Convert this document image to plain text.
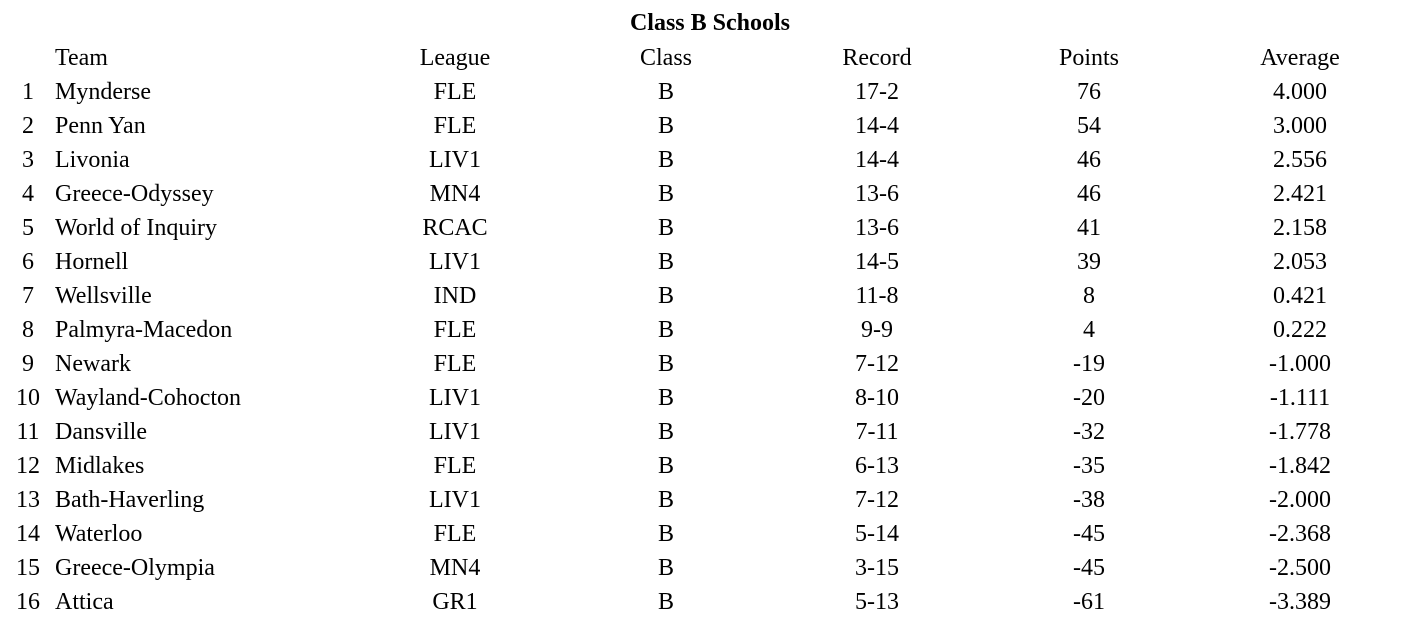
Class B Schools
	Team	League	Class	Record	Points	Average
1	Mynderse	FLE	B	17-2	76	4.000
2	Penn Yan	FLE	B	14-4	54	3.000
3	Livonia	LIV1	B	14-4	46	2.556
4	Greece-Odyssey	MN4	B	13-6	46	2.421
5	World of Inquiry	RCAC	B	13-6	41	2.158
6	Hornell	LIV1	B	14-5	39	2.053
7	Wellsville	IND	B	11-8	8	0.421
8	Palmyra-Macedon	FLE	B	9-9	4	0.222
9	Newark	FLE	B	7-12	-19	-1.000
10	Wayland-Cohocton	LIV1	B	8-10	-20	-1.111
11	Dansville	LIV1	B	7-11	-32	-1.778
12	Midlakes	FLE	B	6-13	-35	-1.842
13	Bath-Haverling	LIV1	B	7-12	-38	-2.000
14	Waterloo	FLE	B	5-14	-45	-2.368
15	Greece-Olympia	MN4	B	3-15	-45	-2.500
16	Attica	GR1	B	5-13	-61	-3.389
